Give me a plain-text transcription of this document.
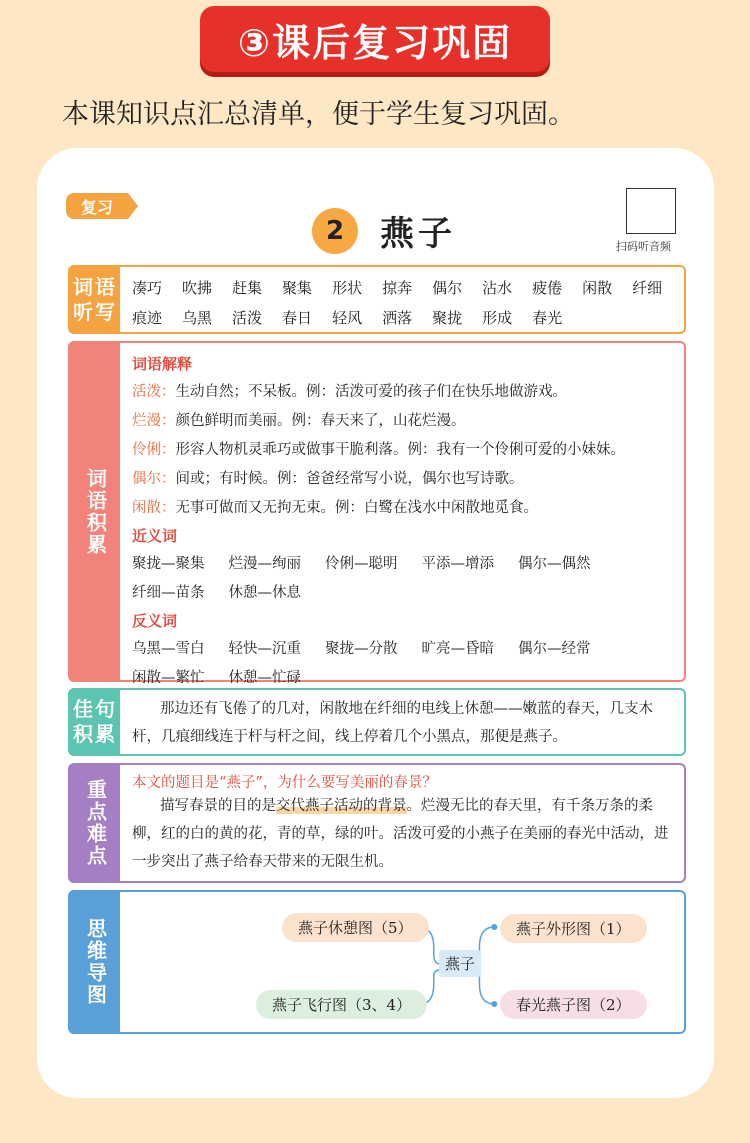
③课后复习巩固
本课知识点汇总清单，便于学生复习巩固。
复习
2	燕子	扫码听音频
词语听写
凑巧 吹拂 赶集 聚集 形状 掠奔 偶尔 沾水 疲倦 闲散 纤细
痕迹 乌黑 活泼 春日 轻风 洒落 聚拢 形成 春光
词语积累
词语解释
活泼：生动自然；不呆板。例：活泼可爱的孩子们在快乐地做游戏。
烂漫：颜色鲜明而美丽。例：春天来了，山花烂漫。
伶俐：形容人物机灵乖巧或做事干脆利落。例：我有一个伶俐可爱的小妹妹。
偶尔：间或；有时候。例：爸爸经常写小说，偶尔也写诗歌。
闲散：无事可做而又无拘无束。例：白鹭在浅水中闲散地觅食。
近义词
聚拢—聚集 烂漫—绚丽 伶俐—聪明 平添—增添 偶尔—偶然
纤细—苗条 休憩—休息
反义词
乌黑—雪白 轻快—沉重 聚拢—分散 旷亮—昏暗 偶尔—经常
闲散—繁忙 休憩—忙碌
佳句积累
那边还有飞倦了的几对，闲散地在纤细的电线上休憩——嫩蓝的春天，几支木杆，几痕细线连于杆与杆之间，线上停着几个小黑点，那便是燕子。
重点难点	本文的题目是“燕子”，为什么要写美丽的春景？
描写春景的目的是交代燕子活动的背景。烂漫无比的春天里，有千条万条的柔柳，红的白的黄的花，青的草，绿的叶。活泼可爱的小燕子在美丽的春光中活动，进一步突出了燕子给春天带来的无限生机。
思维导图	燕子
燕子休憩图（5）	燕子外形图（1）
燕子飞行图（3、4）	春光燕子图（2）
